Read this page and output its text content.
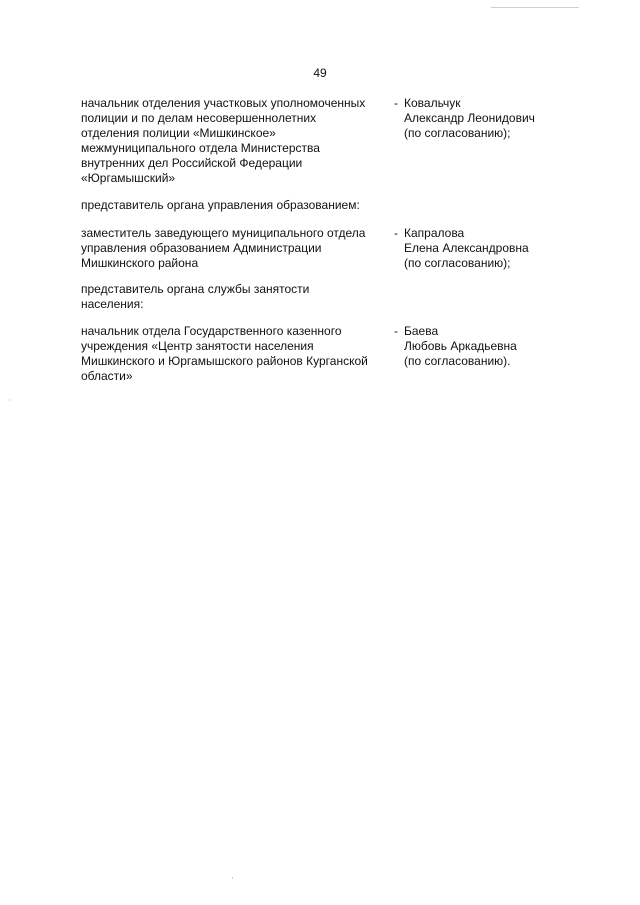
49
начальник отделения участковых уполномоченных
полиции и по делам несовершеннолетних
отделения полиции «Мишкинское»
межмуниципального отдела Министерства
внутренних дел Российской Федерации
«Юргамышский»
- Ковальчук
Александр Леонидович
(по согласованию);
представитель органа управления образованием:
заместитель заведующего муниципального отдела
управления образованием Администрации
Мишкинского района
- Капралова
Елена Александровна
(по согласованию);
представитель органа службы занятости
населения:
начальник отдела Государственного казенного
учреждения «Центр занятости населения
Мишкинского и Юргамышского районов Курганской
области»
- Баева
Любовь Аркадьевна
(по согласованию).
